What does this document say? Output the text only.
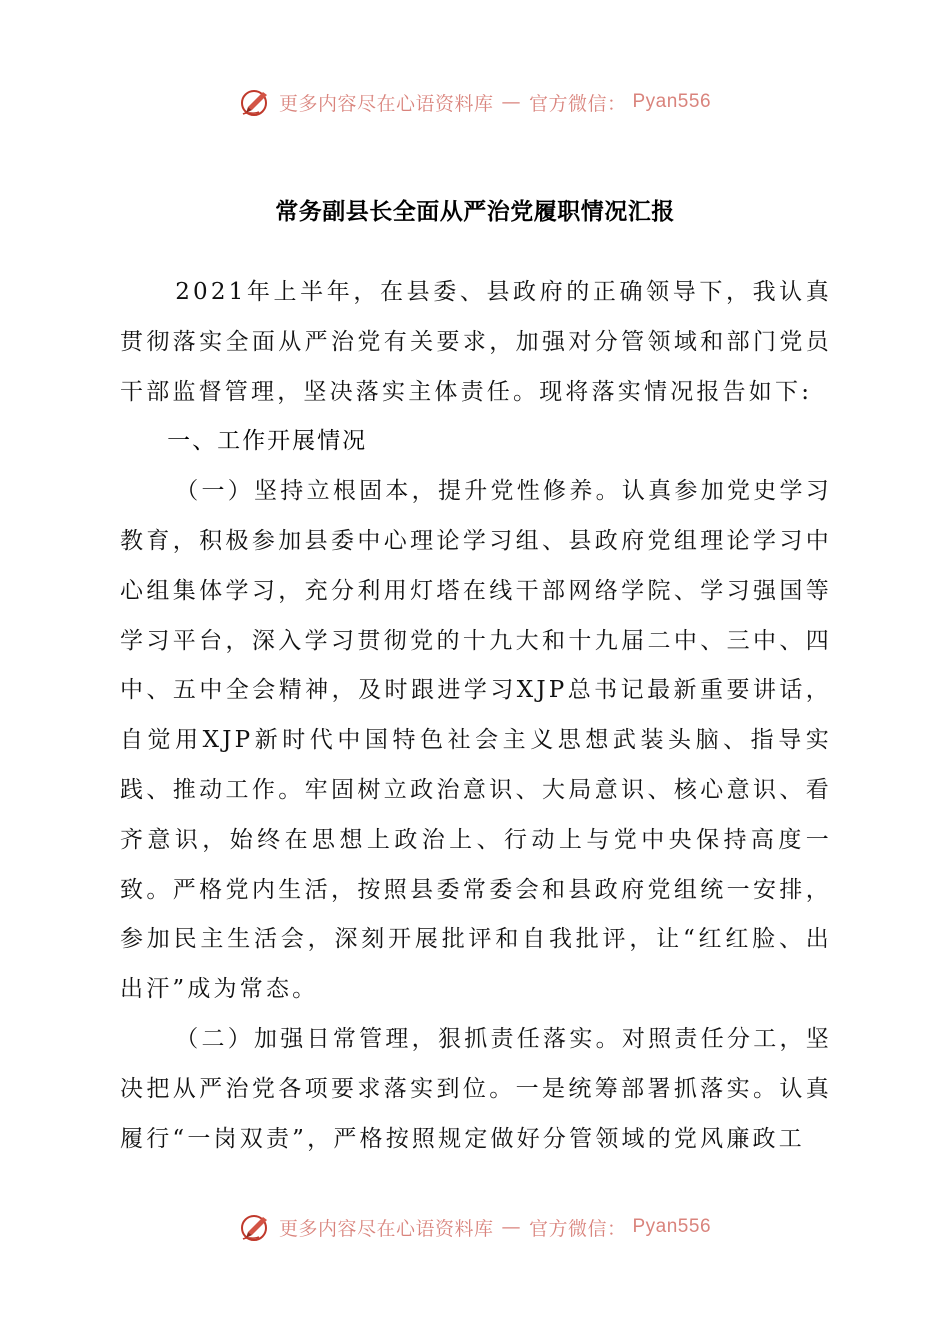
更多内容尽在心语资料库 — 官方微信： Pyan556
常务副县长全面从严治党履职情况汇报

2021年上半年，在县委、县政府的正确领导下，我认真贯彻落实全面从严治党有关要求，加强对分管领域和部门党员干部监督管理，坚决落实主体责任。现将落实情况报告如下:

一、工作开展情况

（一）坚持立根固本，提升党性修养。认真参加党史学习教育，积极参加县委中心理论学习组、县政府党组理论学习中心组集体学习，充分利用灯塔在线干部网络学院、学习强国等学习平台，深入学习贯彻党的十九大和十九届二中、三中、四中、五中全会精神，及时跟进学习XJP总书记最新重要讲话，自觉用XJP新时代中国特色社会主义思想武装头脑、指导实践、推动工作。牢固树立政治意识、大局意识、核心意识、看齐意识，始终在思想上政治上、行动上与党中央保持高度一致。严格党内生活，按照县委常委会和县政府党组统一安排，参加民主生活会，深刻开展批评和自我批评，让“红红脸、出出汗”成为常态。

（二）加强日常管理，狠抓责任落实。对照责任分工，坚决把从严治党各项要求落实到位。一是统筹部署抓落实。认真履行“一岗双责”，严格按照规定做好分管领域的党风廉政工

更多内容尽在心语资料库 — 官方微信： Pyan556
